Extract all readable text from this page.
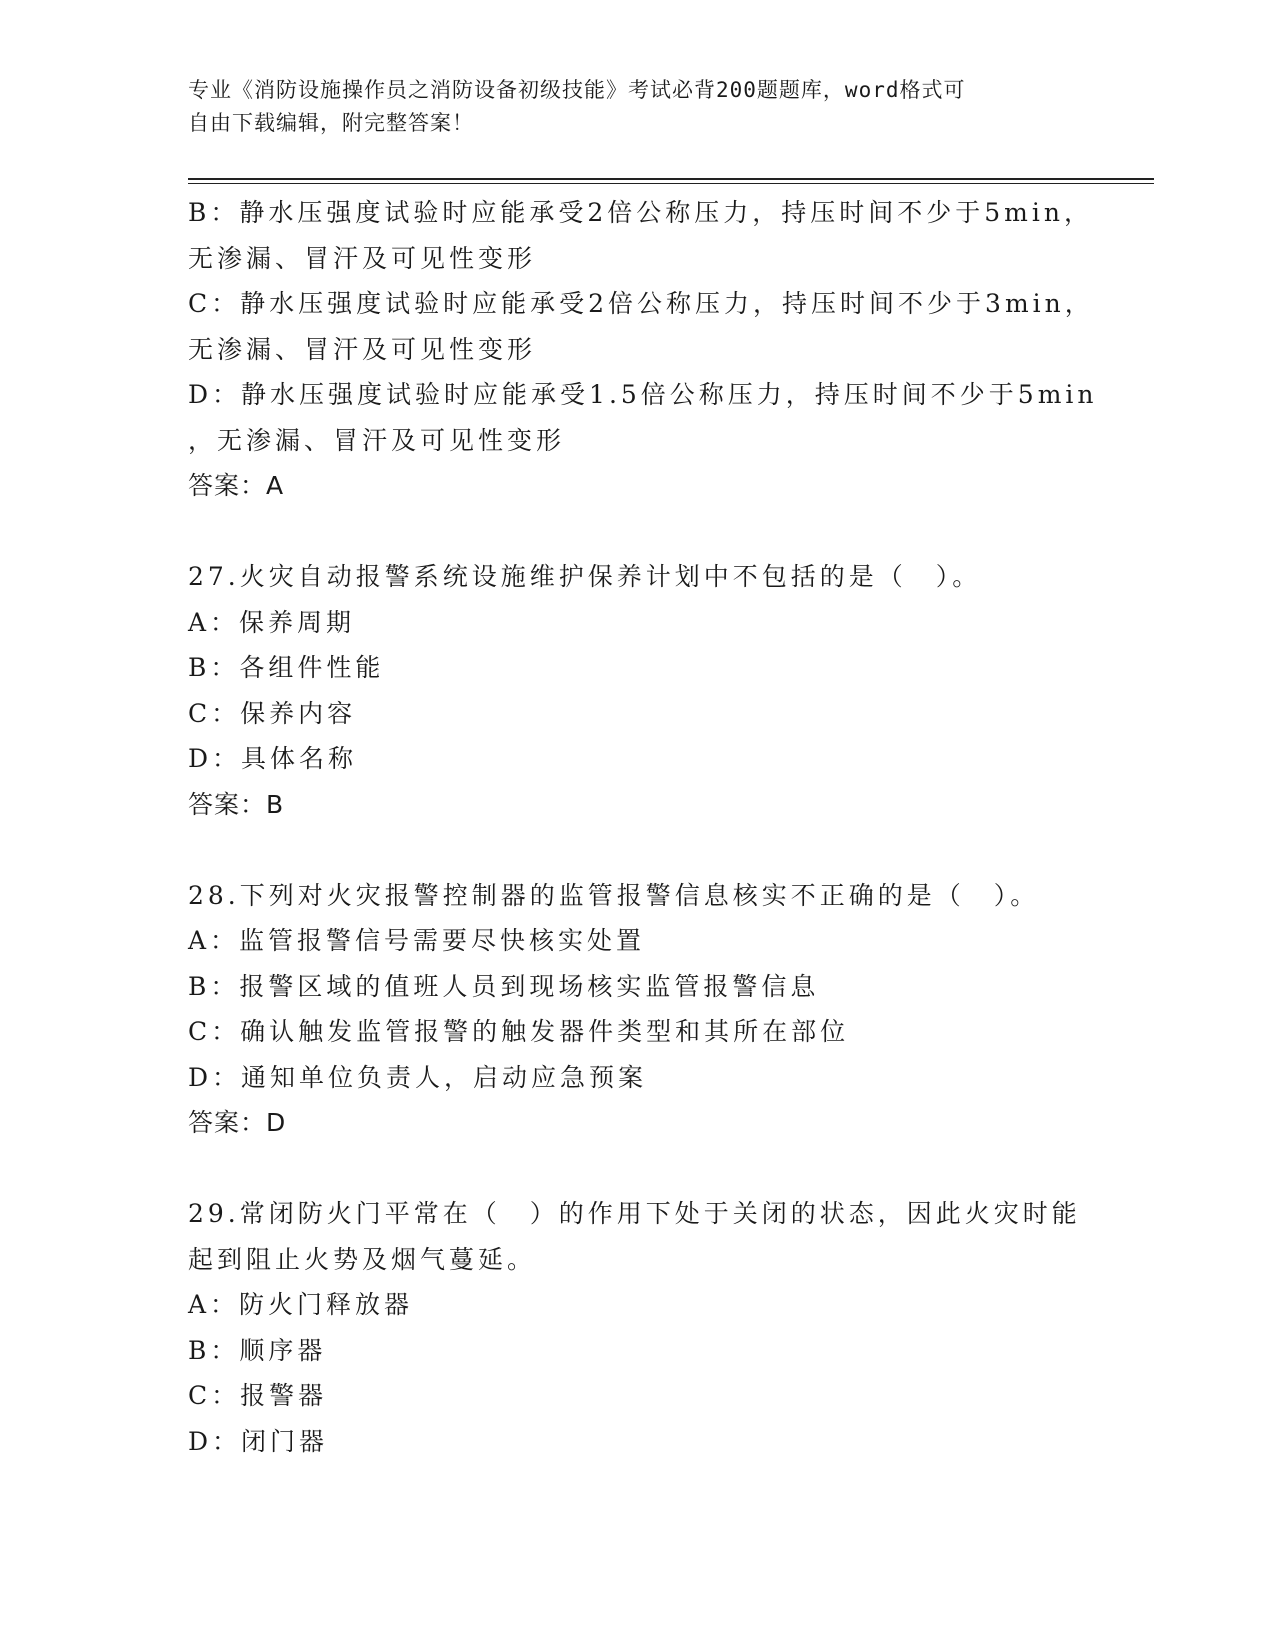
专业《消防设施操作员之消防设备初级技能》考试必背200题题库，word格式可
自由下载编辑，附完整答案！
B：静水压强度试验时应能承受2倍公称压力，持压时间不少于5min，
无渗漏、冒汗及可见性变形
C：静水压强度试验时应能承受2倍公称压力，持压时间不少于3min，
无渗漏、冒汗及可见性变形
D：静水压强度试验时应能承受1.5倍公称压力，持压时间不少于5min
，无渗漏、冒汗及可见性变形
答案：A
27.火灾自动报警系统设施维护保养计划中不包括的是（　）。
A：保养周期
B：各组件性能
C：保养内容
D：具体名称
答案：B
28.下列对火灾报警控制器的监管报警信息核实不正确的是（　）。
A：监管报警信号需要尽快核实处置
B：报警区域的值班人员到现场核实监管报警信息
C：确认触发监管报警的触发器件类型和其所在部位
D：通知单位负责人，启动应急预案
答案：D
29.常闭防火门平常在（　）的作用下处于关闭的状态，因此火灾时能
起到阻止火势及烟气蔓延。
A：防火门释放器
B：顺序器
C：报警器
D：闭门器
